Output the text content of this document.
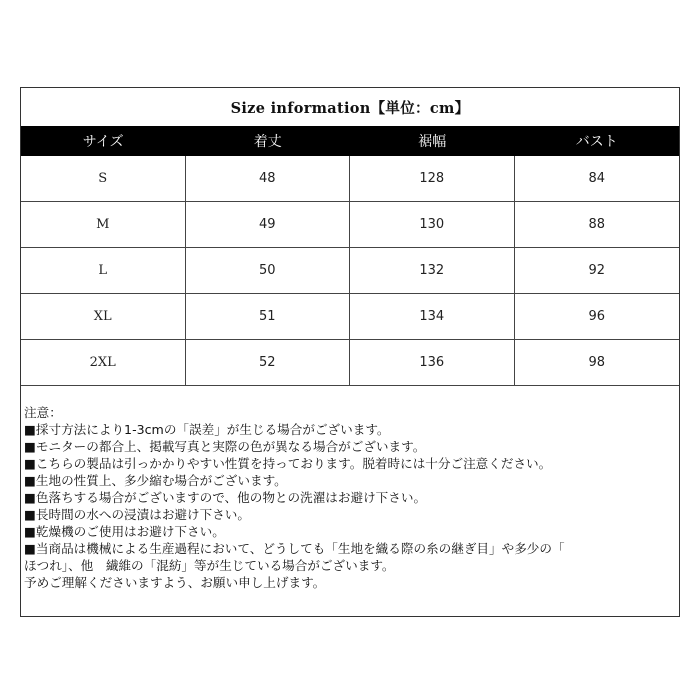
Size information【単位：cm】
サイズ	着丈	裾幅	バスト
S	48	128	84
M	49	130	88
L	50	132	92
XL	51	134	96
2XL	52	136	98
注意：
■採寸方法により1-3cmの「誤差」が生じる場合がございます。
■モニターの都合上、掲載写真と実際の色が異なる場合がございます。
■こちらの製品は引っかかりやすい性質を持っております。脱着時には十分ご注意ください。
■生地の性質上、多少縮む場合がございます。
■色落ちする場合がございますので、他の物との洗濯はお避け下さい。
■長時間の水への浸漬はお避け下さい。
■乾燥機のご使用はお避け下さい。
■当商品は機械による生産過程において、どうしても「生地を織る際の糸の継ぎ目」や多少の「
ほつれ」、他　繊維の「混紡」等が生じている場合がございます。
予めご理解くださいますよう、お願い申し上げます。
